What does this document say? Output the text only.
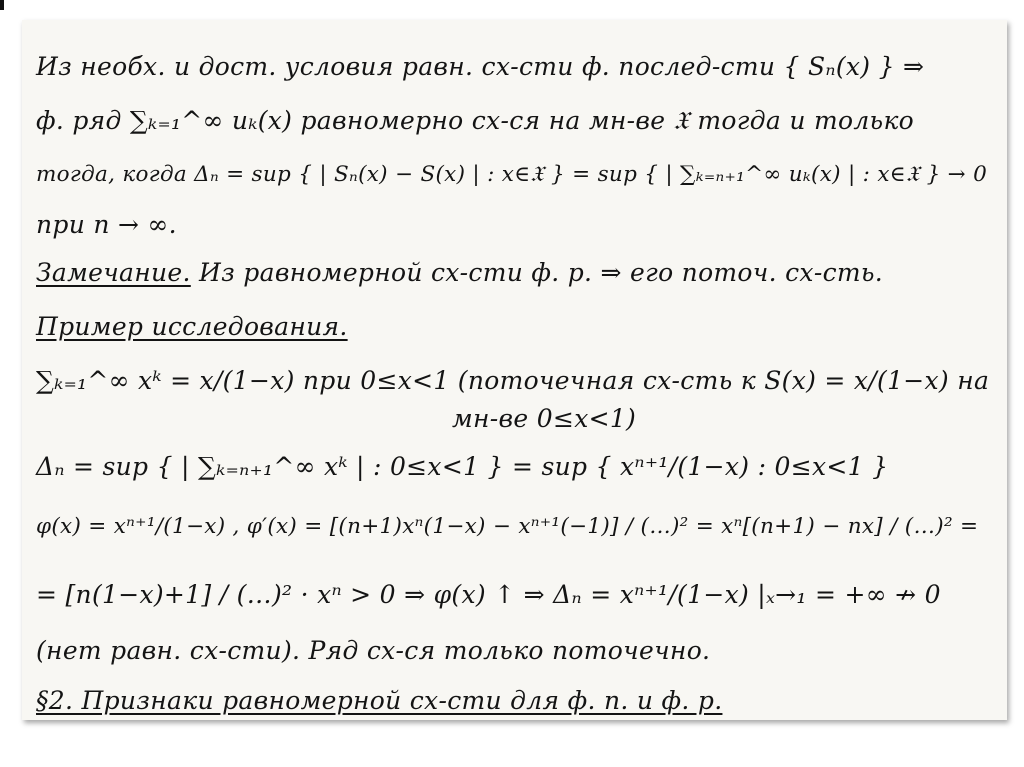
Из необх. и дост. условия равн. сх-сти ф. послед-сти { Sₙ(x) } ⇒
ф. ряд ∑ₖ₌₁^∞ uₖ(x) равномерно сх-ся на мн-ве 𝔛 тогда и только
тогда, когда Δₙ = sup { | Sₙ(x) − S(x) | : x∈𝔛 } = sup { | ∑ₖ₌ₙ₊₁^∞ uₖ(x) | : x∈𝔛 } → 0
при n → ∞.
Замечание. Из равномерной сх-сти ф. р. ⇒ его поточ. сх-сть.
Пример исследования.
∑ₖ₌₁^∞ xᵏ = x/(1−x) при 0≤x<1 (поточечная сх-сть к S(x) = x/(1−x) на
мн-ве 0≤x<1)
Δₙ = sup { | ∑ₖ₌ₙ₊₁^∞ xᵏ | : 0≤x<1 } = sup { xⁿ⁺¹/(1−x) : 0≤x<1 }
φ(x) = xⁿ⁺¹/(1−x) , φ′(x) = [(n+1)xⁿ(1−x) − xⁿ⁺¹(−1)] / (…)² = xⁿ[(n+1) − nx] / (…)² =
= [n(1−x)+1] / (…)² · xⁿ > 0 ⇒ φ(x) ↑ ⇒ Δₙ = xⁿ⁺¹/(1−x) |ₓ→₁ = +∞ ↛ 0
(нет равн. сх-сти). Ряд сх-ся только поточечно.
§2. Признаки равномерной сх-сти для ф. п. и ф. р.
